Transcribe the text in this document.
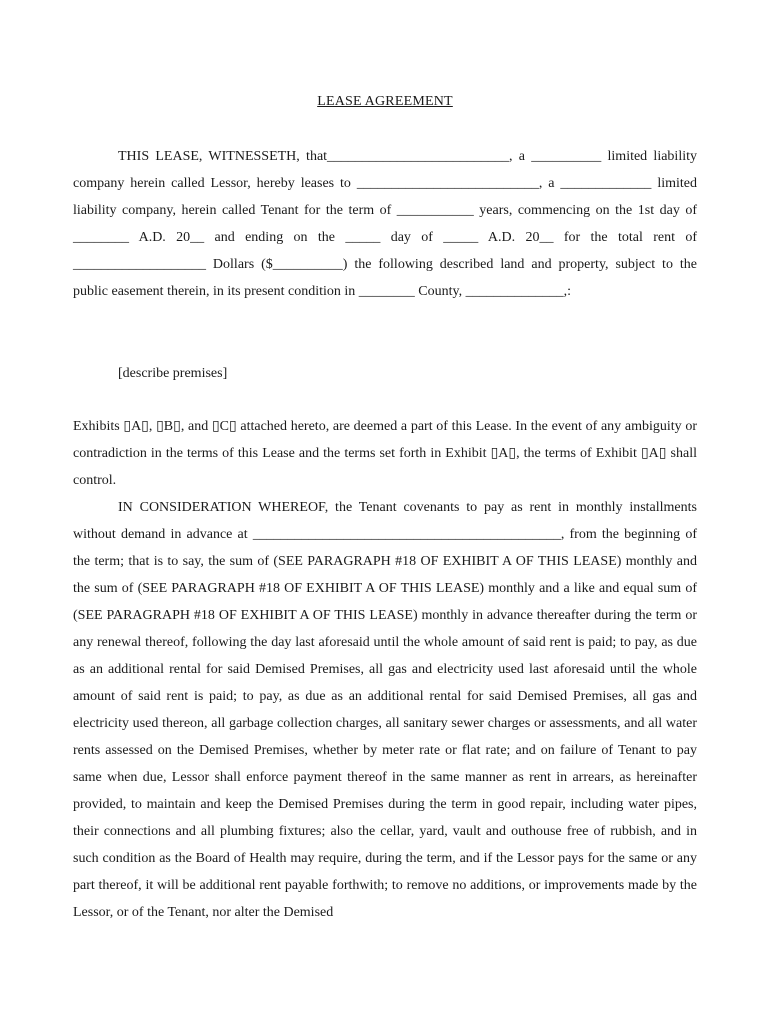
LEASE AGREEMENT
THIS LEASE, WITNESSETH, that__________________________, a __________ limited liability company herein called Lessor, hereby leases to __________________________, a _____________ limited liability company, herein called Tenant for the term of ___________ years, commencing on the 1st day of ________ A.D. 20__ and ending on the _____ day of _____ A.D. 20__ for the total rent of ___________________ Dollars ($__________) the following described land and property, subject to the public easement therein, in its present condition in ________ County, ______________,:
[describe premises]
Exhibits ▯A▯, ▯B▯, and ▯C▯ attached hereto, are deemed a part of this Lease. In the event of any ambiguity or contradiction in the terms of this Lease and the terms set forth in Exhibit ▯A▯, the terms of Exhibit ▯A▯ shall control.
IN CONSIDERATION WHEREOF, the Tenant covenants to pay as rent in monthly installments without demand in advance at ____________________________________________, from the beginning of the term; that is to say, the sum of (SEE PARAGRAPH #18 OF EXHIBIT A OF THIS LEASE) monthly and the sum of (SEE PARAGRAPH #18 OF EXHIBIT A OF THIS LEASE) monthly and a like and equal sum of (SEE PARAGRAPH #18 OF EXHIBIT A OF THIS LEASE) monthly in advance thereafter during the term or any renewal thereof, following the day last aforesaid until the whole amount of said rent is paid; to pay, as due as an additional rental for said Demised Premises, all gas and electricity used last aforesaid until the whole amount of said rent is paid; to pay, as due as an additional rental for said Demised Premises, all gas and electricity used thereon, all garbage collection charges, all sanitary sewer charges or assessments, and all water rents assessed on the Demised Premises, whether by meter rate or flat rate; and on failure of Tenant to pay same when due, Lessor shall enforce payment thereof in the same manner as rent in arrears, as hereinafter provided, to maintain and keep the Demised Premises during the term in good repair, including water pipes, their connections and all plumbing fixtures; also the cellar, yard, vault and outhouse free of rubbish, and in such condition as the Board of Health may require, during the term, and if the Lessor pays for the same or any part thereof, it will be additional rent payable forthwith; to remove no additions, or improvements made by the Lessor, or of the Tenant, nor alter the Demised
